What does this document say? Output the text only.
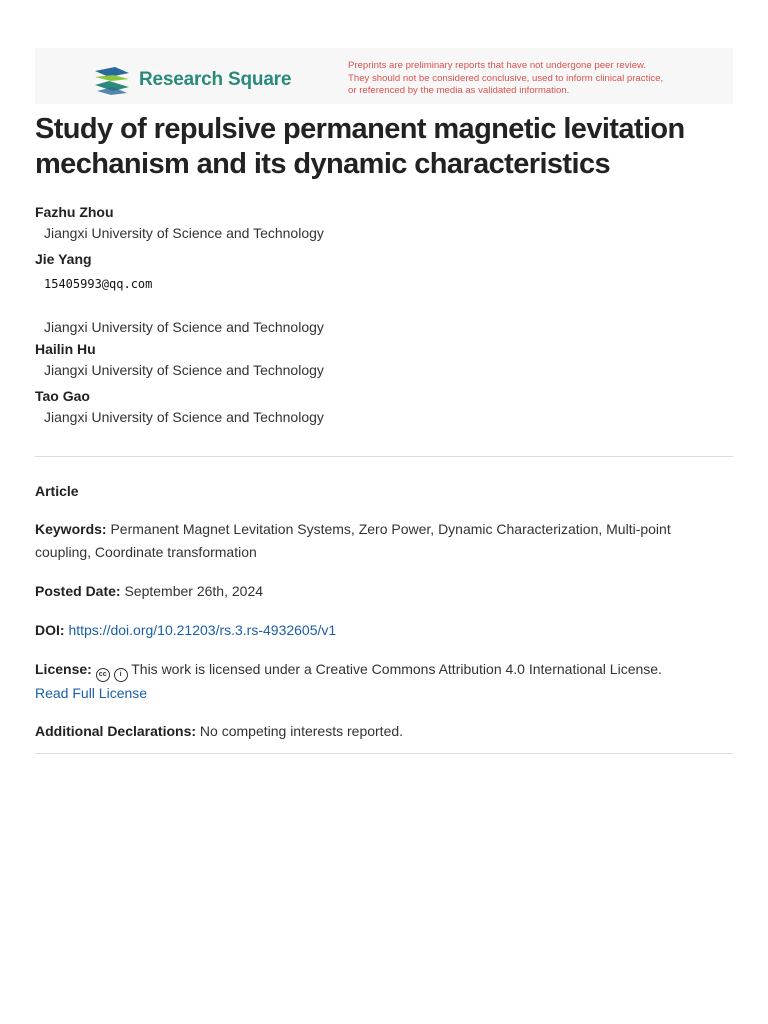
Research Square
Preprints are preliminary reports that have not undergone peer review.
They should not be considered conclusive, used to inform clinical practice,
or referenced by the media as validated information.
Study of repulsive permanent magnetic levitation mechanism and its dynamic characteristics
Fazhu Zhou
Jiangxi University of Science and Technology
Jie Yang
15405993@qq.com
Jiangxi University of Science and Technology
Hailin Hu
Jiangxi University of Science and Technology
Tao Gao
Jiangxi University of Science and Technology
Article
Keywords: Permanent Magnet Levitation Systems, Zero Power, Dynamic Characterization, Multi-point coupling, Coordinate transformation
Posted Date: September 26th, 2024
DOI: https://doi.org/10.21203/rs.3.rs-4932605/v1
License: cc i This work is licensed under a Creative Commons Attribution 4.0 International License.
Read Full License
Additional Declarations: No competing interests reported.
